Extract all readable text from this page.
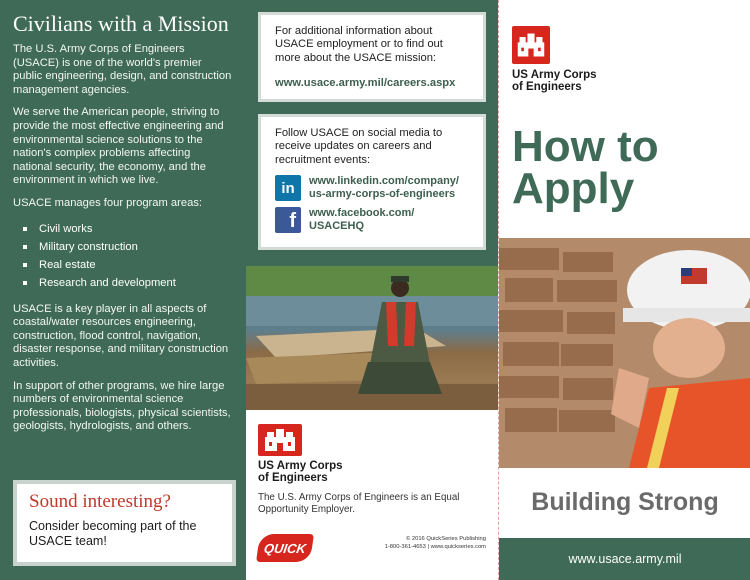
Civilians with a Mission

The U.S. Army Corps of Engineers (USACE) is one of the world's premier public engineering, design, and construction management agencies.

We serve the American people, striving to provide the most effective engineering and environmental science solutions to the nation's complex problems affecting national security, the economy, and the environment in which we live.

USACE manages four program areas:

Civil works
Military construction
Real estate
Research and development

USACE is a key player in all aspects of coastal/water resources engineering, construction, flood control, navigation, disaster response, and military construction activities.

In support of other programs, we hire large numbers of environmental science professionals, biologists, physical scientists, geologists, hydrologists, and others.

Sound interesting?
Consider becoming part of the USACE team!

For additional information about USACE employment or to find out more about the USACE mission:

www.usace.army.mil/careers.aspx

Follow USACE on social media to receive updates on careers and recruitment events:

in	www.linkedin.com/company/ us-army-corps-of-engineers
f	www.facebook.com/ USACEHQ
US Army Corps
of Engineers

The U.S. Army Corps of Engineers is an Equal Opportunity Employer.

QUICK
© 2016 QuickSeries Publishing
1-800-361-4653 | www.quickseries.com
US Army Corps
of Engineers
How to
Apply
Building Strong
www.usace.army.mil
